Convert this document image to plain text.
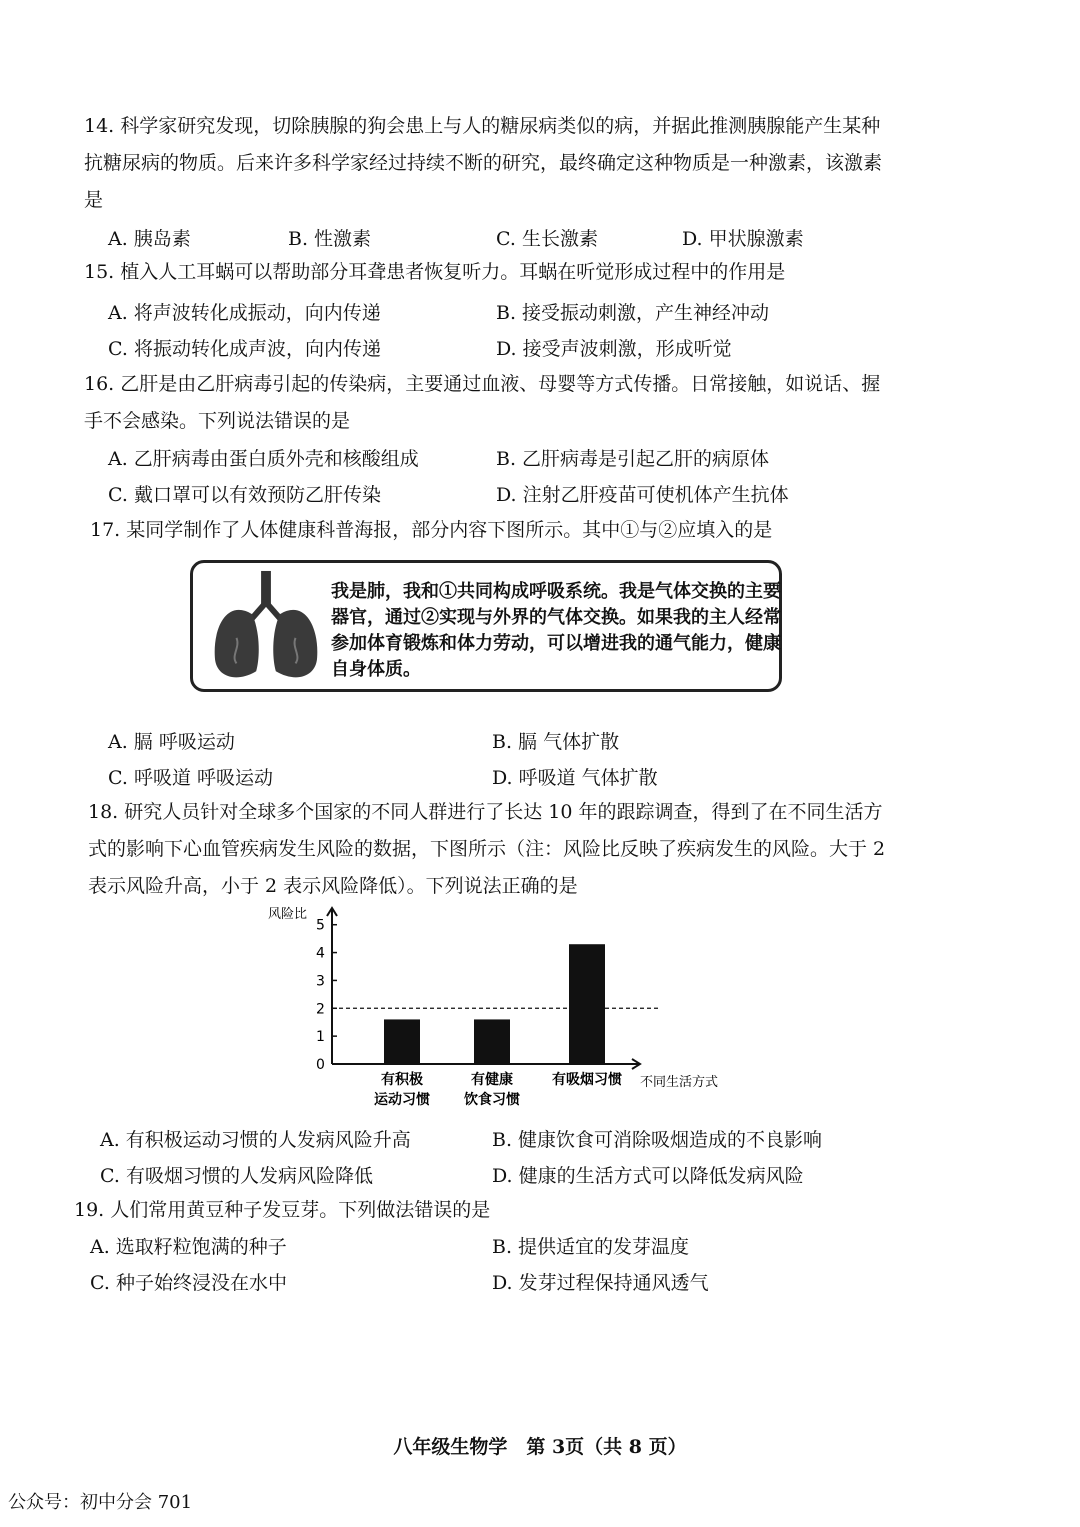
14. 科学家研究发现，切除胰腺的狗会患上与人的糖尿病类似的病，并据此推测胰腺能产生某种抗糖尿病的物质。后来许多科学家经过持续不断的研究，最终确定这种物质是一种激素，该激素是

A. 胰岛素	B. 性激素	C. 生长激素	D. 甲状腺激素

15. 植入人工耳蜗可以帮助部分耳聋患者恢复听力。耳蜗在听觉形成过程中的作用是

A. 将声波转化成振动，向内传递	B. 接受振动刺激，产生神经冲动
C. 将振动转化成声波，向内传递	D. 接受声波刺激，形成听觉

16. 乙肝是由乙肝病毒引起的传染病，主要通过血液、母婴等方式传播。日常接触，如说话、握手不会感染。下列说法错误的是

A. 乙肝病毒由蛋白质外壳和核酸组成	B. 乙肝病毒是引起乙肝的病原体
C. 戴口罩可以有效预防乙肝传染	D. 注射乙肝疫苗可使机体产生抗体

17. 某同学制作了人体健康科普海报，部分内容下图所示。其中①与②应填入的是

我是肺，我和①共同构成呼吸系统。我是气体交换的主要器官，通过②实现与外界的气体交换。如果我的主人经常参加体育锻炼和体力劳动，可以增进我的通气能力，健康自身体质。
A. 膈 呼吸运动	B. 膈 气体扩散
C. 呼吸道 呼吸运动	D. 呼吸道 气体扩散

18. 研究人员针对全球多个国家的不同人群进行了长达 10 年的跟踪调查，得到了在不同生活方式的影响下心血管疾病发生风险的数据，下图所示（注：风险比反映了疾病发生的风险。大于 2 表示风险升高，小于 2 表示风险降低）。下列说法正确的是

风险比
不同生活方式
0
1
2
3
4
5
有积极
运动习惯
有健康
饮食习惯
有吸烟习惯
A. 有积极运动习惯的人发病风险升高	B. 健康饮食可消除吸烟造成的不良影响
C. 有吸烟习惯的人发病风险降低	D. 健康的生活方式可以降低发病风险

19. 人们常用黄豆种子发豆芽。下列做法错误的是

A. 选取籽粒饱满的种子	B. 提供适宜的发芽温度
C. 种子始终浸没在水中	D. 发芽过程保持通风透气
八年级生物学　第 3页（共 8 页）
公众号：初中分会 701
